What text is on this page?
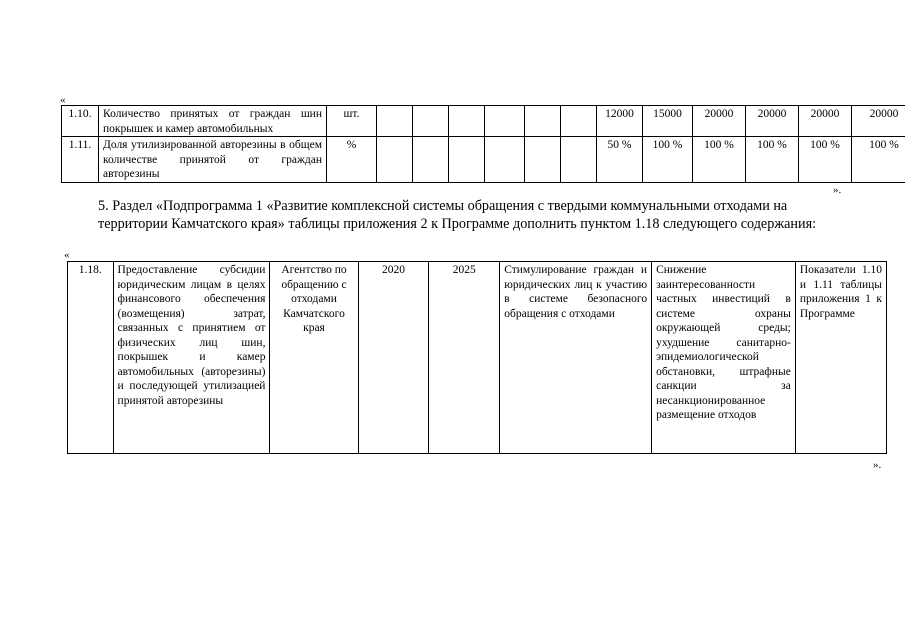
«
1.10.	Количество принятых от граждан шин покрышек и камер автомобильных	шт.							12000	15000	20000	20000	20000	20000
1.11.	Доля утилизированной авторезины в общем количестве принятой от граждан авторезины	%							50 %	100 %	100 %	100 %	100 %	100 %
».
5. Раздел «Подпрограмма 1 «Развитие комплексной системы обращения с твердыми коммунальными отходами на территории Камчатского края» таблицы приложения 2 к Программе дополнить пунктом 1.18 следующего содержания:
«
1.18.	Предоставление субсидии юридическим лицам в целях финансового обеспечения (возмещения) затрат, связанных с принятием от физических лиц шин, покрышек и камер автомобильных (авторезины) и последующей утилизацией принятой авторезины	Агентство по обращению с отходами Камчатского края	2020	2025	Стимулирование граждан и юридических лиц к участию в системе безопасного обращения с отходами	Снижение заинтересованности частных инвестиций в системе охраны окружающей среды; ухудшение санитарно-эпидемиологической обстановки, штрафные санкции за несанкционированное размещение отходов	Показатели 1.10 и 1.11 таблицы приложения 1 к Программе
».
